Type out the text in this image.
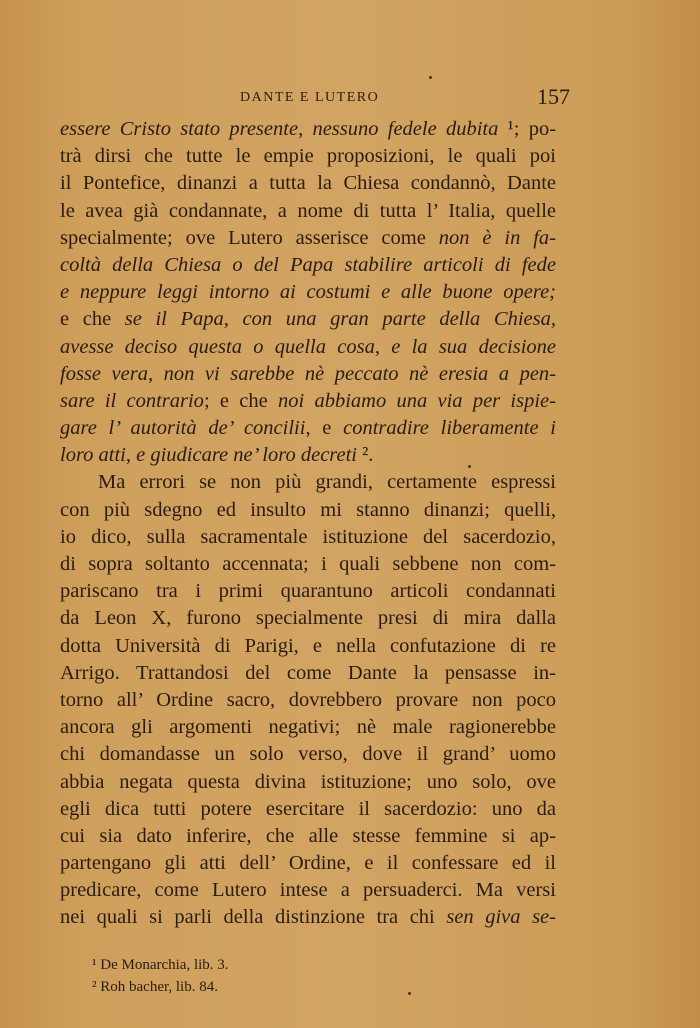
DANTE E LUTERO	157
essere Cristo stato presente, nessuno fedele dubita ¹; po-
trà dirsi che tutte le empie proposizioni, le quali poi
il Pontefice, dinanzi a tutta la Chiesa condannò, Dante
le avea già condannate, a nome di tutta l’ Italia, quelle
specialmente; ove Lutero asserisce come non è in fa-
coltà della Chiesa o del Papa stabilire articoli di fede
e neppure leggi intorno ai costumi e alle buone opere;
e che se il Papa, con una gran parte della Chiesa,
avesse deciso questa o quella cosa, e la sua decisione
fosse vera, non vi sarebbe nè peccato nè eresia a pen-
sare il contrario; e che noi abbiamo una via per ispie-
gare l’ autorità de’ concilii, e contradire liberamente i
loro atti, e giudicare ne’ loro decreti ².
Ma errori se non più grandi, certamente espressi
con più sdegno ed insulto mi stanno dinanzi; quelli,
io dico, sulla sacramentale istituzione del sacerdozio,
di sopra soltanto accennata; i quali sebbene non com-
pariscano tra i primi quarantuno articoli condannati
da Leon X, furono specialmente presi di mira dalla
dotta Università di Parigi, e nella confutazione di re
Arrigo. Trattandosi del come Dante la pensasse in-
torno all’ Ordine sacro, dovrebbero provare non poco
ancora gli argomenti negativi; nè male ragionerebbe
chi domandasse un solo verso, dove il grand’ uomo
abbia negata questa divina istituzione; uno solo, ove
egli dica tutti potere esercitare il sacerdozio: uno da
cui sia dato inferire, che alle stesse femmine si ap-
partengano gli atti dell’ Ordine, e il confessare ed il
predicare, come Lutero intese a persuaderci. Ma versi
nei quali si parli della distinzione tra chi sen giva se-
¹ De Monarchia, lib. 3.
² Roh bacher, lib. 84.
